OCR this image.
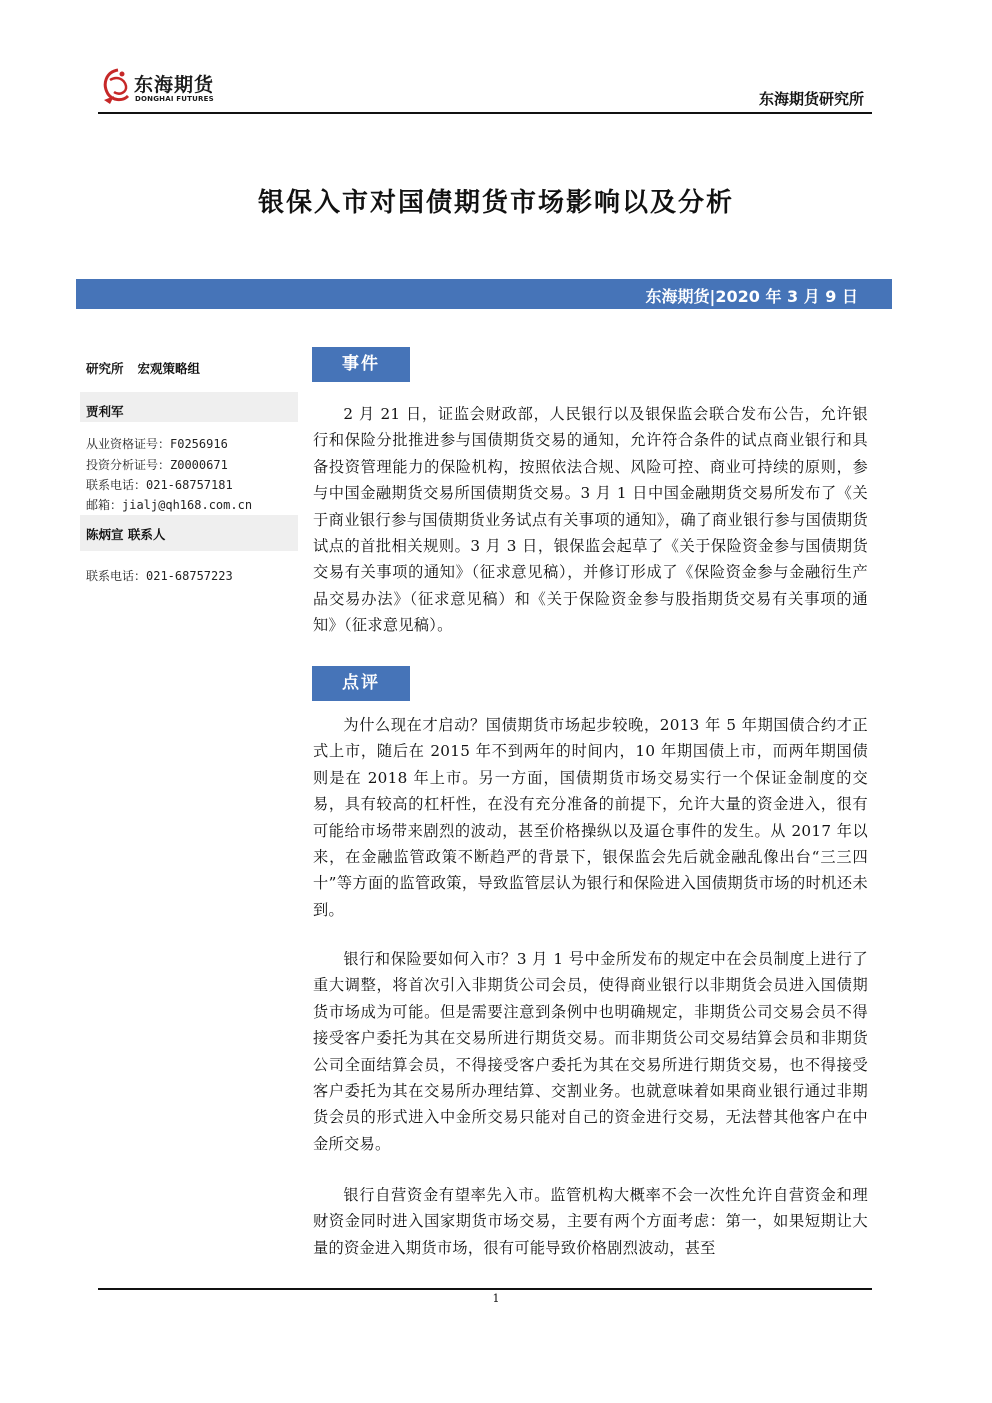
东海期货
DONGHAI FUTURES	东海期货研究所
银保入市对国债期货市场影响以及分析
东海期货|2020 年 3 月 9 日
研究所 宏观策略组
贾利军
从业资格证号：F0256916
投资分析证号：Z0000671
联系电话：021-68757181
邮箱：jialj@qh168.com.cn
陈炳宣 联系人
联系电话：021-68757223
事件
2 月 21 日，证监会财政部，人民银行以及银保监会联合发布公告，允许银行和保险分批推进参与国债期货交易的通知，允许符合条件的试点商业银行和具备投资管理能力的保险机构，按照依法合规、风险可控、商业可持续的原则，参与中国金融期货交易所国债期货交易。3 月 1 日中国金融期货交易所发布了《关于商业银行参与国债期货业务试点有关事项的通知》，确了商业银行参与国债期货试点的首批相关规则。3 月 3 日，银保监会起草了《关于保险资金参与国债期货交易有关事项的通知》（征求意见稿），并修订形成了《保险资金参与金融衍生产品交易办法》（征求意见稿）和《关于保险资金参与股指期货交易有关事项的通知》（征求意见稿）。
点评
为什么现在才启动？国债期货市场起步较晚，2013 年 5 年期国债合约才正式上市，随后在 2015 年不到两年的时间内，10 年期国债上市，而两年期国债则是在 2018 年上市。另一方面，国债期货市场交易实行一个保证金制度的交易，具有较高的杠杆性，在没有充分准备的前提下，允许大量的资金进入，很有可能给市场带来剧烈的波动，甚至价格操纵以及逼仓事件的发生。从 2017 年以来，在金融监管政策不断趋严的背景下，银保监会先后就金融乱像出台“三三四十”等方面的监管政策，导致监管层认为银行和保险进入国债期货市场的时机还未到。
银行和保险要如何入市？3 月 1 号中金所发布的规定中在会员制度上进行了重大调整，将首次引入非期货公司会员，使得商业银行以非期货会员进入国债期货市场成为可能。但是需要注意到条例中也明确规定，非期货公司交易会员不得接受客户委托为其在交易所进行期货交易。而非期货公司交易结算会员和非期货公司全面结算会员，不得接受客户委托为其在交易所进行期货交易，也不得接受客户委托为其在交易所办理结算、交割业务。也就意味着如果商业银行通过非期货会员的形式进入中金所交易只能对自己的资金进行交易，无法替其他客户在中金所交易。
银行自营资金有望率先入市。监管机构大概率不会一次性允许自营资金和理财资金同时进入国家期货市场交易，主要有两个方面考虑：第一，如果短期让大量的资金进入期货市场，很有可能导致价格剧烈波动，甚至
1
